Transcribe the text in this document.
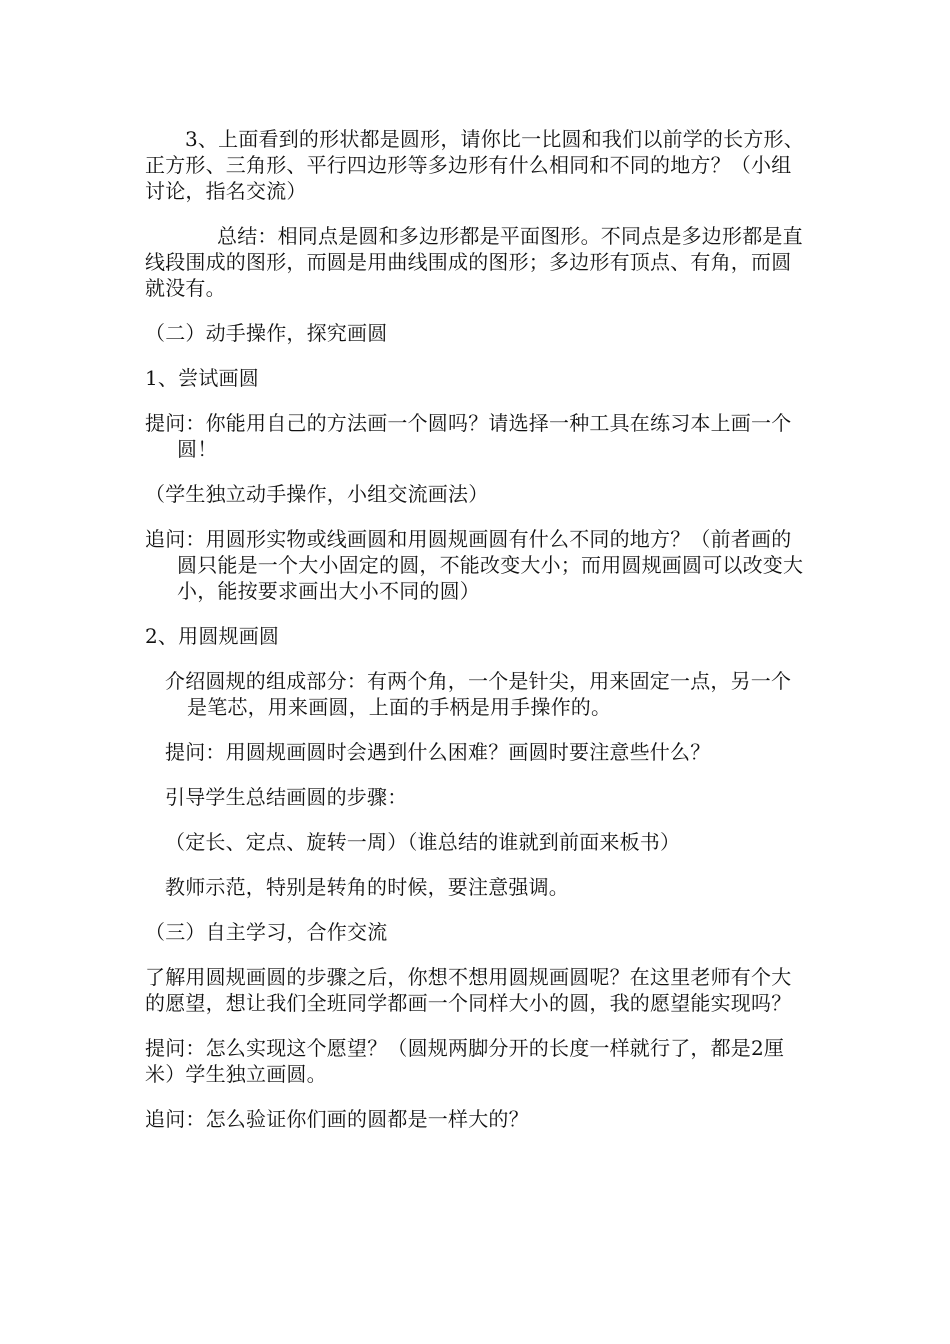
3、上面看到的形状都是圆形，请你比一比圆和我们以前学的长方形、正方形、三角形、平行四边形等多边形有什么相同和不同的地方？（小组讨论，指名交流）

总结：相同点是圆和多边形都是平面图形。不同点是多边形都是直线段围成的图形，而圆是用曲线围成的图形；多边形有顶点、有角，而圆就没有。

（二）动手操作，探究画圆

1、尝试画圆

提问：你能用自己的方法画一个圆吗？请选择一种工具在练习本上画一个圆！

（学生独立动手操作，小组交流画法）

追问：用圆形实物或线画圆和用圆规画圆有什么不同的地方？（前者画的圆只能是一个大小固定的圆，不能改变大小；而用圆规画圆可以改变大小，能按要求画出大小不同的圆）

2、用圆规画圆

介绍圆规的组成部分：有两个角，一个是针尖，用来固定一点，另一个是笔芯，用来画圆，上面的手柄是用手操作的。

提问：用圆规画圆时会遇到什么困难？画圆时要注意些什么？

引导学生总结画圆的步骤：

（定长、定点、旋转一周）（谁总结的谁就到前面来板书）

教师示范，特别是转角的时候，要注意强调。

（三）自主学习，合作交流

了解用圆规画圆的步骤之后，你想不想用圆规画圆呢？在这里老师有个大的愿望，想让我们全班同学都画一个同样大小的圆，我的愿望能实现吗？

提问：怎么实现这个愿望？（圆规两脚分开的长度一样就行了，都是2厘米）学生独立画圆。

追问：怎么验证你们画的圆都是一样大的？
